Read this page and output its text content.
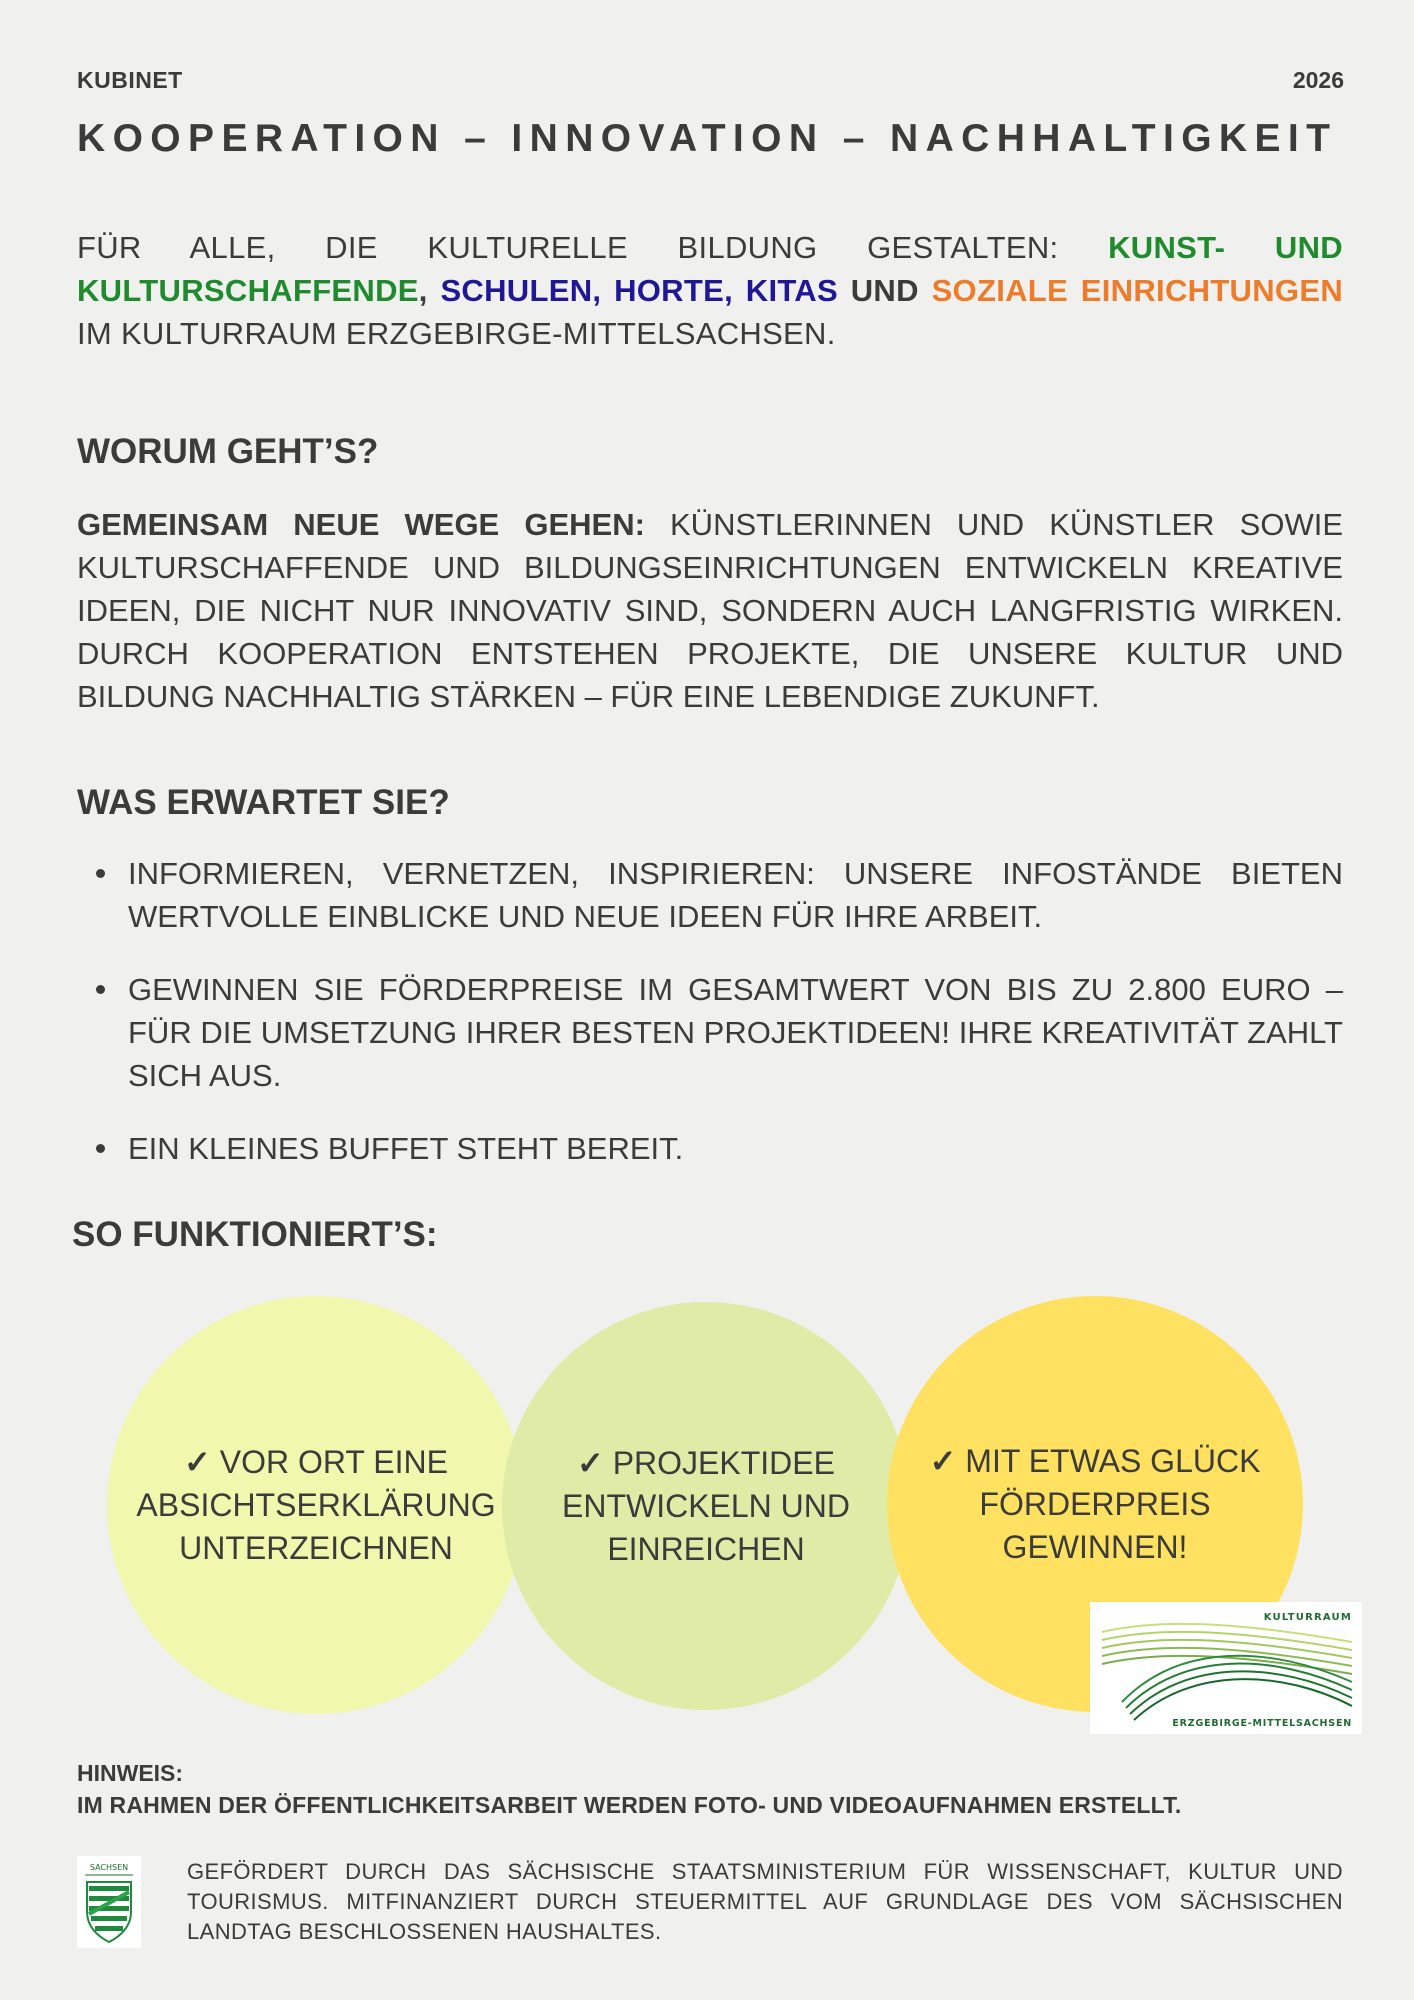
KUBINET	2026
KOOPERATION – INNOVATION – NACHHALTIGKEIT
FÜR ALLE, DIE KULTURELLE BILDUNG GESTALTEN: KUNST- UND KULTURSCHAFFENDE, SCHULEN, HORTE, KITAS UND SOZIALE EINRICHTUNGEN IM KULTURRAUM ERZGEBIRGE-MITTELSACHSEN.
WORUM GEHT’S?
GEMEINSAM NEUE WEGE GEHEN: KÜNSTLERINNEN UND KÜNSTLER SOWIE KULTURSCHAFFENDE UND BILDUNGSEINRICHTUNGEN ENTWICKELN KREATIVE IDEEN, DIE NICHT NUR INNOVATIV SIND, SONDERN AUCH LANGFRISTIG WIRKEN. DURCH KOOPERATION ENTSTEHEN PROJEKTE, DIE UNSERE KULTUR UND BILDUNG NACHHALTIG STÄRKEN – FÜR EINE LEBENDIGE ZUKUNFT.
WAS ERWARTET SIE?
INFORMIEREN, VERNETZEN, INSPIRIEREN: UNSERE INFOSTÄNDE BIETEN WERTVOLLE EINBLICKE UND NEUE IDEEN FÜR IHRE ARBEIT.
GEWINNEN SIE FÖRDERPREISE IM GESAMTWERT VON BIS ZU 2.800 EURO – FÜR DIE UMSETZUNG IHRER BESTEN PROJEKTIDEEN! IHRE KREATIVITÄT ZAHLT SICH AUS.
EIN KLEINES BUFFET STEHT BEREIT.
SO FUNKTIONIERT’S:
✓ VOR ORT EINE
ABSICHTSERKLÄRUNG
UNTERZEICHNEN
✓ PROJEKTIDEE
ENTWICKELN UND
EINREICHEN
✓ MIT ETWAS GLÜCK
FÖRDERPREIS
GEWINNEN!
KULTURRAUM
ERZGEBIRGE-MITTELSACHSEN
HINWEIS:
IM RAHMEN DER ÖFFENTLICHKEITSARBEIT WERDEN FOTO- UND VIDEOAUFNAHMEN ERSTELLT.
SACHSEN	GEFÖRDERT DURCH DAS SÄCHSISCHE STAATSMINISTERIUM FÜR WISSENSCHAFT, KULTUR UND TOURISMUS. MITFINANZIERT DURCH STEUERMITTEL AUF GRUNDLAGE DES VOM SÄCHSISCHEN LANDTAG BESCHLOSSENEN HAUSHALTES.
